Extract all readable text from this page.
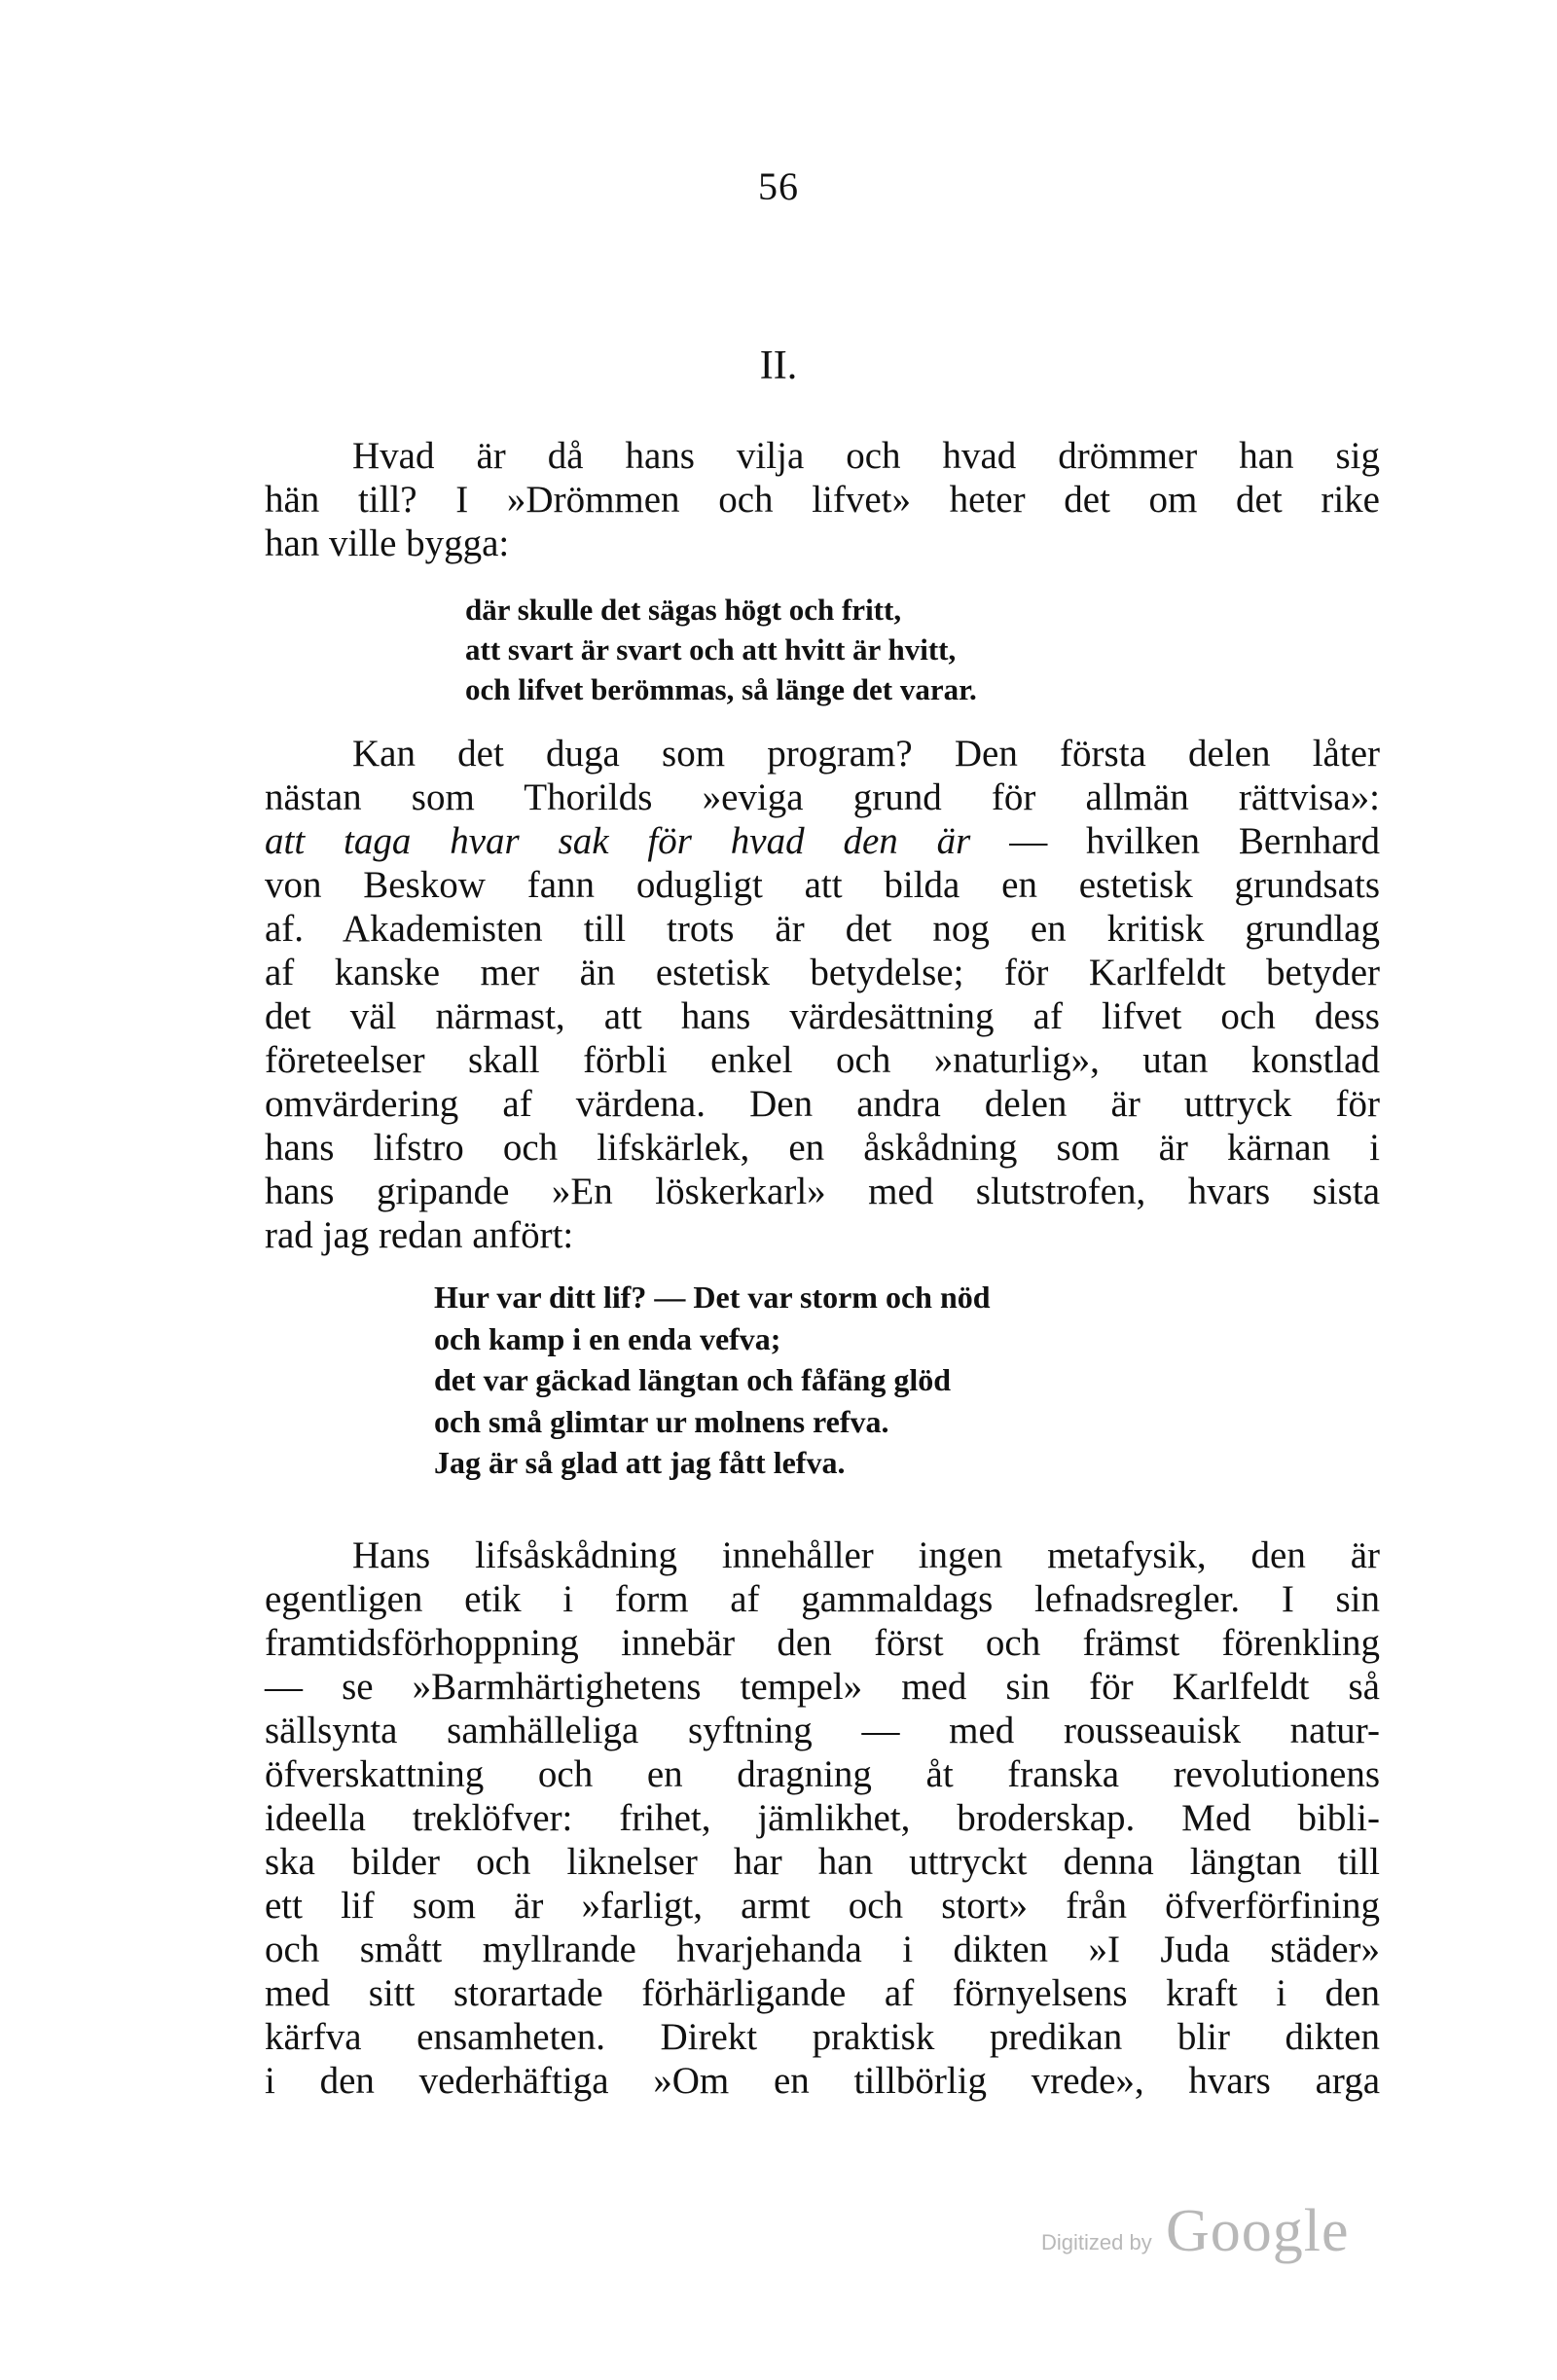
56
II.
Hvad är då hans vilja och hvad drömmer han sig
hän till? I »Drömmen och lifvet» heter det om det rike
han ville bygga:
där skulle det sägas högt och fritt,
att svart är svart och att hvitt är hvitt,
och lifvet berömmas, så länge det varar.
Kan det duga som program? Den första delen låter
nästan som Thorilds »eviga grund för allmän rättvisa»:
att taga hvar sak för hvad den är — hvilken Bernhard
von Beskow fann odugligt att bilda en estetisk grundsats
af. Akademisten till trots är det nog en kritisk grundlag
af kanske mer än estetisk betydelse; för Karlfeldt betyder
det väl närmast, att hans värdesättning af lifvet och dess
företeelser skall förbli enkel och »naturlig», utan konstlad
omvärdering af värdena. Den andra delen är uttryck för
hans lifstro och lifskärlek, en åskådning som är kärnan i
hans gripande »En löskerkarl» med slutstrofen, hvars sista
rad jag redan anfört:
Hur var ditt lif? — Det var storm och nöd
och kamp i en enda vefva;
det var gäckad längtan och fåfäng glöd
och små glimtar ur molnens refva.
Jag är så glad att jag fått lefva.
Hans lifsåskådning innehåller ingen metafysik, den är
egentligen etik i form af gammaldags lefnadsregler. I sin
framtidsförhoppning innebär den först och främst förenkling
— se »Barmhärtighetens tempel» med sin för Karlfeldt så
sällsynta samhälleliga syftning — med rousseauisk natur-
öfverskattning och en dragning åt franska revolutionens
ideella treklöfver: frihet, jämlikhet, broderskap. Med bibli-
ska bilder och liknelser har han uttryckt denna längtan till
ett lif som är »farligt, armt och stort» från öfverförfining
och smått myllrande hvarjehanda i dikten »I Juda städer»
med sitt storartade förhärligande af förnyelsens kraft i den
kärfva ensamheten. Direkt praktisk predikan blir dikten
i den vederhäftiga »Om en tillbörlig vrede», hvars arga
Digitized by Google
